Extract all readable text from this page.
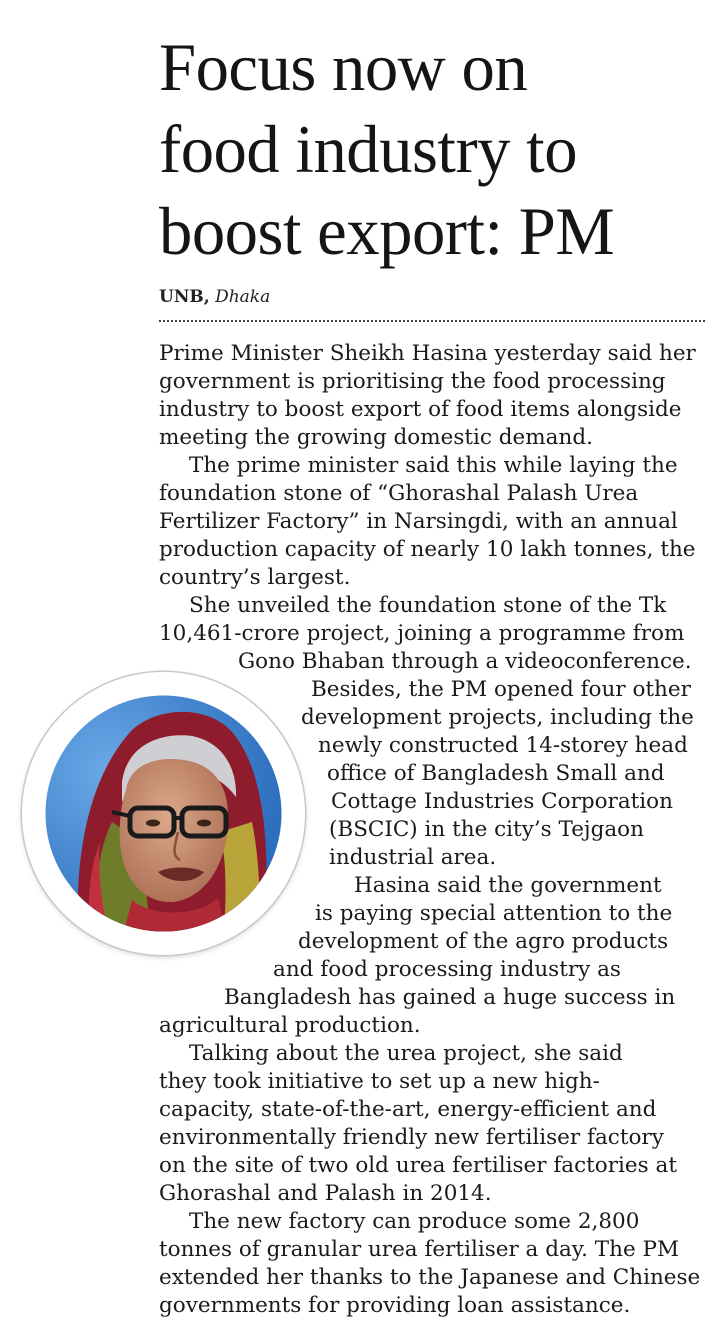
Focus now on
food industry to
boost export: PM
UNB, Dhaka
Prime Minister Sheikh Hasina yesterday said her
government is prioritising the food processing
industry to boost export of food items alongside
meeting the growing domestic demand.
The prime minister said this while laying the
foundation stone of “Ghorashal Palash Urea
Fertilizer Factory” in Narsingdi, with an annual
production capacity of nearly 10 lakh tonnes, the
country’s largest.
She unveiled the foundation stone of the Tk
10,461-crore project, joining a programme from
Gono Bhaban through a videoconference.
Besides, the PM opened four other
development projects, including the
newly constructed 14-storey head
office of Bangladesh Small and
Cottage Industries Corporation
(BSCIC) in the city’s Tejgaon
industrial area.
Hasina said the government
is paying special attention to the
development of the agro products
and food processing industry as
Bangladesh has gained a huge success in
agricultural production.
Talking about the urea project, she said
they took initiative to set up a new high-
capacity, state-of-the-art, energy-efficient and
environmentally friendly new fertiliser factory
on the site of two old urea fertiliser factories at
Ghorashal and Palash in 2014.
The new factory can produce some 2,800
tonnes of granular urea fertiliser a day. The PM
extended her thanks to the Japanese and Chinese
governments for providing loan assistance.
